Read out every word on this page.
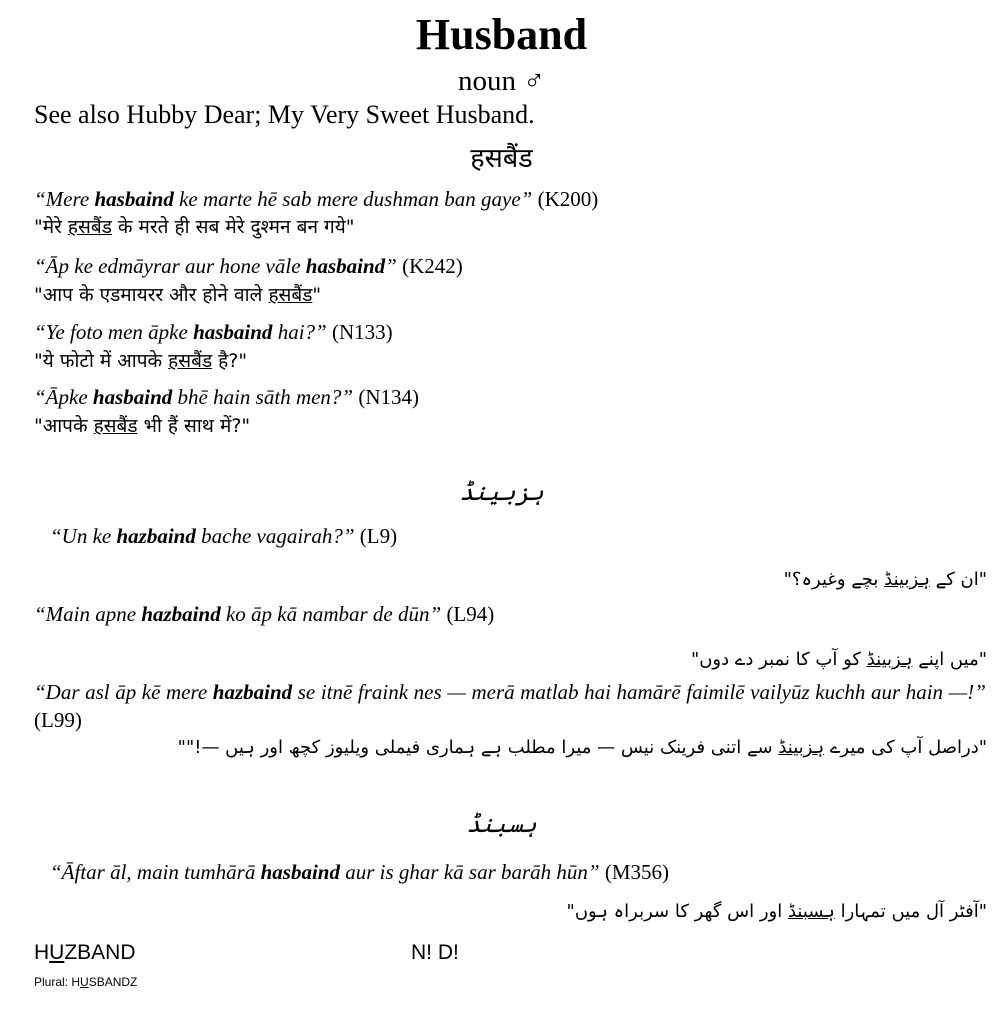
Husband
noun ♂
See also Hubby Dear; My Very Sweet Husband.
हसबैंड
“Mere hasbaind ke marte hē sab mere dushman ban gaye” (K200)
"मेरे हसबैंड के मरते ही सब मेरे दुश्मन बन गये"
“Āp ke edmāyrar aur hone vāle hasbaind” (K242)
"आप के एडमायरर और होने वाले हसबैंड"
“Ye foto men āpke hasbaind hai?” (N133)
"ये फोटो में आपके हसबैंड है?"
“Āpke hasbaind bhē hain sāth men?” (N134)
"आपके हसबैंड भी हैं साथ में?"
ہزبینڈ
“Un ke hazbaind bache vagairah?” (L9)
"ان کے ہزبینڈ بچے وغیرہ؟"
“Main apne hazbaind ko āp kā nambar de dūn” (L94)
"میں اپنے ہزبینڈ کو آپ کا نمبر دے دوں"
“Dar asl āp kē mere hazbaind se itnē fraink nes — merā matlab hai hamārē faimilē vailyūz kuchh aur hain —!” (L99)
"دراصل آپ کی میرے ہزبینڈ سے اتنی فرینک نیس — میرا مطلب ہے ہماری فیملی ویلیوز کچھ اور ہیں —!""
ہسبنڈ
“Āftar āl, main tumhārā hasbaind aur is ghar kā sar barāh hūn” (M356)
"آفٹر آل میں تمہارا ہسبنڈ اور اس گھر کا سربراہ ہوں"
HUZBAND	N! D!
Plural: HUSBANDZ
